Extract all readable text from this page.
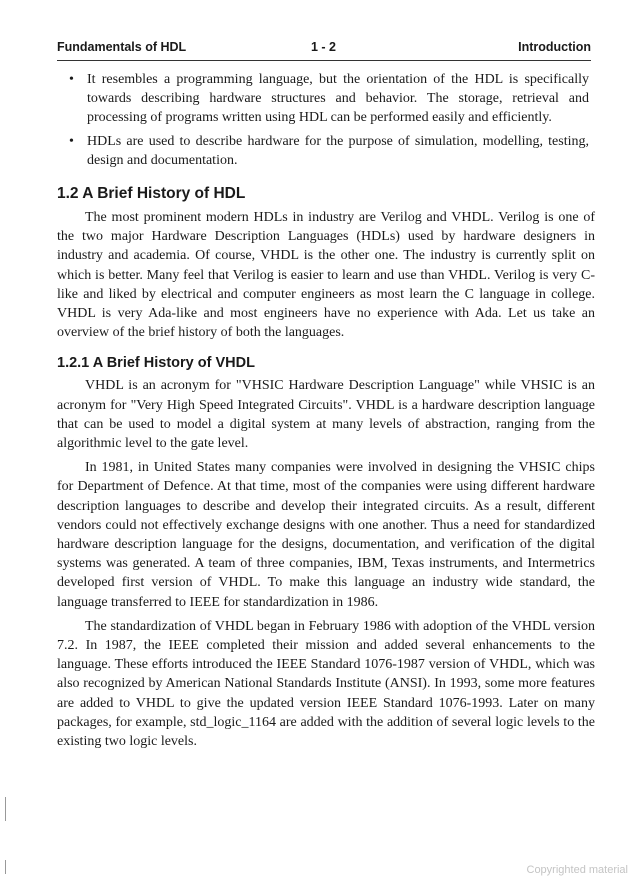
Fundamentals of HDL	1 - 2	Introduction
• It resembles a programming language, but the orientation of the HDL is specifically towards describing hardware structures and behavior. The storage, retrieval and processing of programs written using HDL can be performed easily and efficiently.
• HDLs are used to describe hardware for the purpose of simulation, modelling, testing, design and documentation.
1.2 A Brief History of HDL

The most prominent modern HDLs in industry are Verilog and VHDL. Verilog is one of the two major Hardware Description Languages (HDLs) used by hardware designers in industry and academia. Of course, VHDL is the other one. The industry is currently split on which is better. Many feel that Verilog is easier to learn and use than VHDL. Verilog is very C-like and liked by electrical and computer engineers as most learn the C language in college. VHDL is very Ada-like and most engineers have no experience with Ada. Let us take an overview of the brief history of both the languages.

1.2.1 A Brief History of VHDL

VHDL is an acronym for "VHSIC Hardware Description Language" while VHSIC is an acronym for "Very High Speed Integrated Circuits". VHDL is a hardware description language that can be used to model a digital system at many levels of abstraction, ranging from the algorithmic level to the gate level.

In 1981, in United States many companies were involved in designing the VHSIC chips for Department of Defence. At that time, most of the companies were using different hardware description languages to describe and develop their integrated circuits. As a result, different vendors could not effectively exchange designs with one another. Thus a need for standardized hardware description language for the designs, documentation, and verification of the digital systems was generated. A team of three companies, IBM, Texas instruments, and Intermetrics developed first version of VHDL. To make this language an industry wide standard, the language transferred to IEEE for standardization in 1986.

The standardization of VHDL began in February 1986 with adoption of the VHDL version 7.2. In 1987, the IEEE completed their mission and added several enhancements to the language. These efforts introduced the IEEE Standard 1076-1987 version of VHDL, which was also recognized by American National Standards Institute (ANSI). In 1993, some more features are added to VHDL to give the updated version IEEE Standard 1076-1993. Later on many packages, for example, std_logic_1164 are added with the addition of several logic levels to the existing two logic levels.

Copyrighted material
